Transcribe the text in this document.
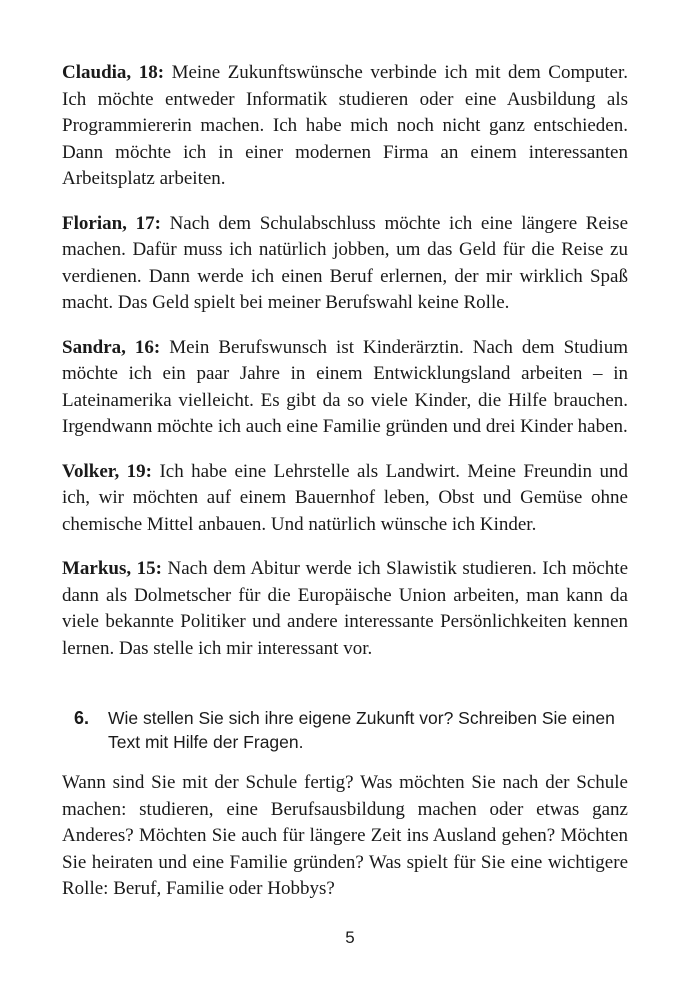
Claudia, 18: Meine Zukunftswünsche verbinde ich mit dem Computer. Ich möchte entweder Informatik studieren oder eine Ausbildung als Programmiererin machen. Ich habe mich noch nicht ganz entschieden. Dann möchte ich in einer modernen Firma an einem interessanten Arbeitsplatz arbeiten.

Florian, 17: Nach dem Schulabschluss möchte ich eine längere Reise machen. Dafür muss ich natürlich jobben, um das Geld für die Reise zu verdienen. Dann werde ich einen Beruf erlernen, der mir wirklich Spaß macht. Das Geld spielt bei meiner Berufswahl keine Rolle.

Sandra, 16: Mein Berufswunsch ist Kinderärztin. Nach dem Studium möchte ich ein paar Jahre in einem Entwicklungsland arbeiten – in Lateinamerika vielleicht. Es gibt da so viele Kinder, die Hilfe brauchen. Irgendwann möchte ich auch eine Familie gründen und drei Kinder haben.

Volker, 19: Ich habe eine Lehrstelle als Landwirt. Meine Freundin und ich, wir möchten auf einem Bauernhof leben, Obst und Gemüse ohne chemische Mittel anbauen. Und natürlich wünsche ich Kinder.

Markus, 15: Nach dem Abitur werde ich Slawistik studieren. Ich möchte dann als Dolmetscher für die Europäische Union arbeiten, man kann da viele bekannte Politiker und andere interessante Persönlichkeiten kennen lernen. Das stelle ich mir interessant vor.

6.	Wie stellen Sie sich ihre eigene Zukunft vor? Schreiben Sie einen Text mit Hilfe der Fragen.

Wann sind Sie mit der Schule fertig? Was möchten Sie nach der Schule machen: studieren, eine Berufsausbildung machen oder etwas ganz Anderes? Möchten Sie auch für längere Zeit ins Ausland gehen? Möchten Sie heiraten und eine Familie gründen? Was spielt für Sie eine wichtigere Rolle: Beruf, Familie oder Hobbys?

5
